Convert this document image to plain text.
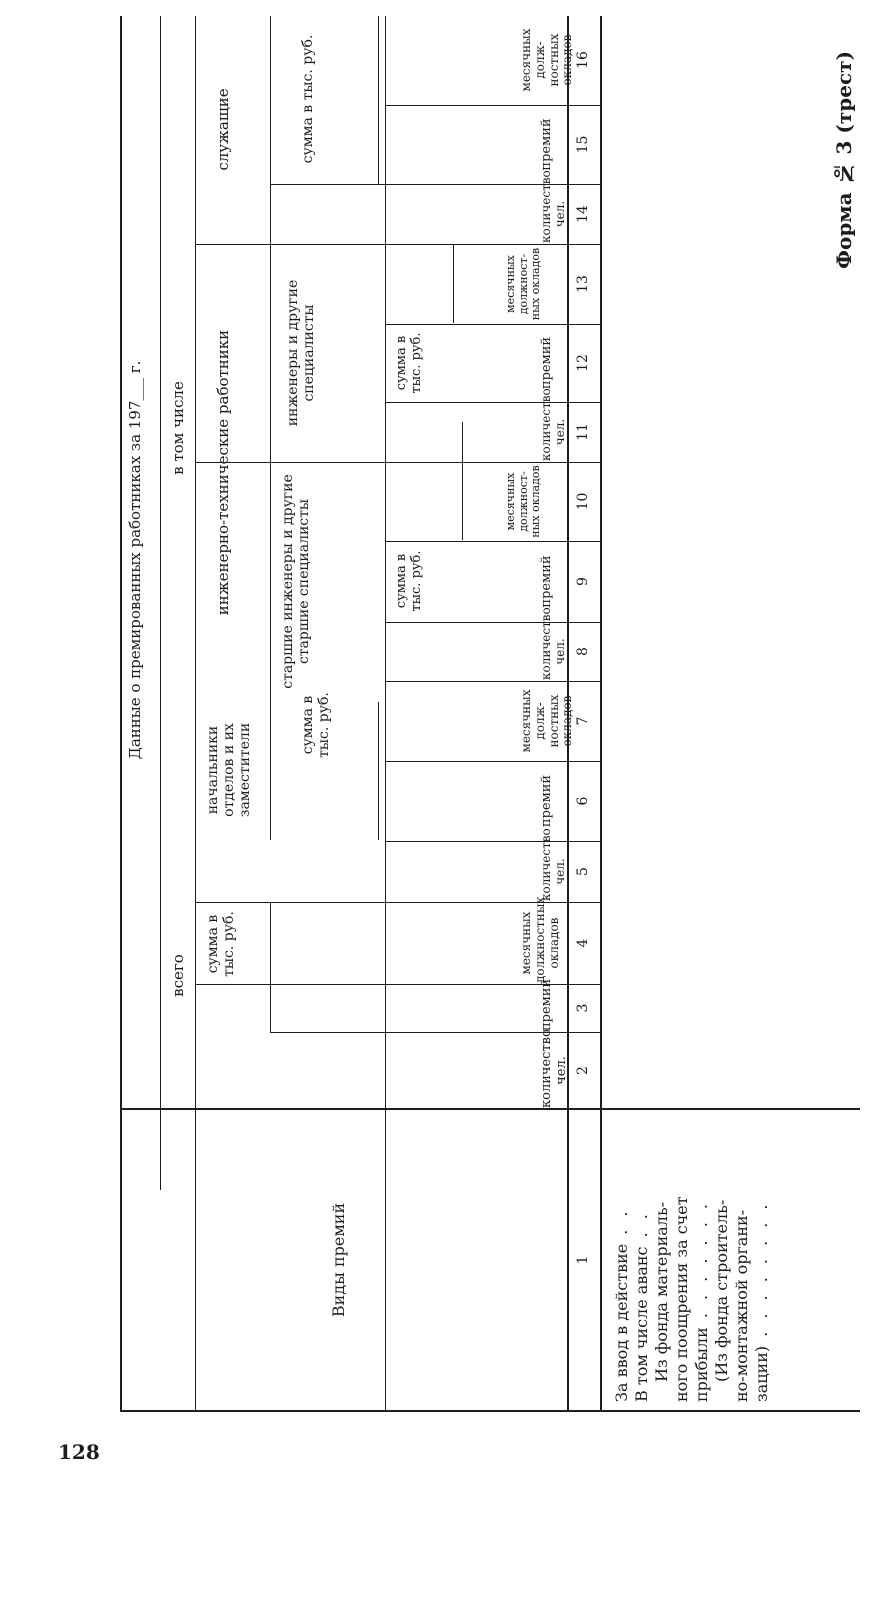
128
Форма № 3 (трест)
Данные о премированных работниках за 197___ г.
Виды премий
всего
в том числе
начальники отделов и их заместители
инженерно-технические работники
служащие
старшие инженеры и другие старшие специалисты
инженеры и другие специалисты
сумма в тыс. руб.
сумма в тыс. руб.
сумма в тыс. руб.
сумма в тыс. руб.
сумма в тыс. руб.
количество чел.
премий
месячных должностных окладов
количество чел.
премий
месячных долж-ностных окладов
количество чел.
премий
месячных должност-ных окладов
количество чел.
премий
месячных должност-ных окладов
количество чел.
премий
месячных долж-ностных окладов
1
2
3
4
5
6
7
8
9
10
11
12
13
14
15
16
За ввод в действие . .
В том числе аванс . . Из фонда материаль- ного поощрения за счет прибыли . . . . . . . (Из фонда строитель- но-монтажной органи- зации) . . . . . . . .
